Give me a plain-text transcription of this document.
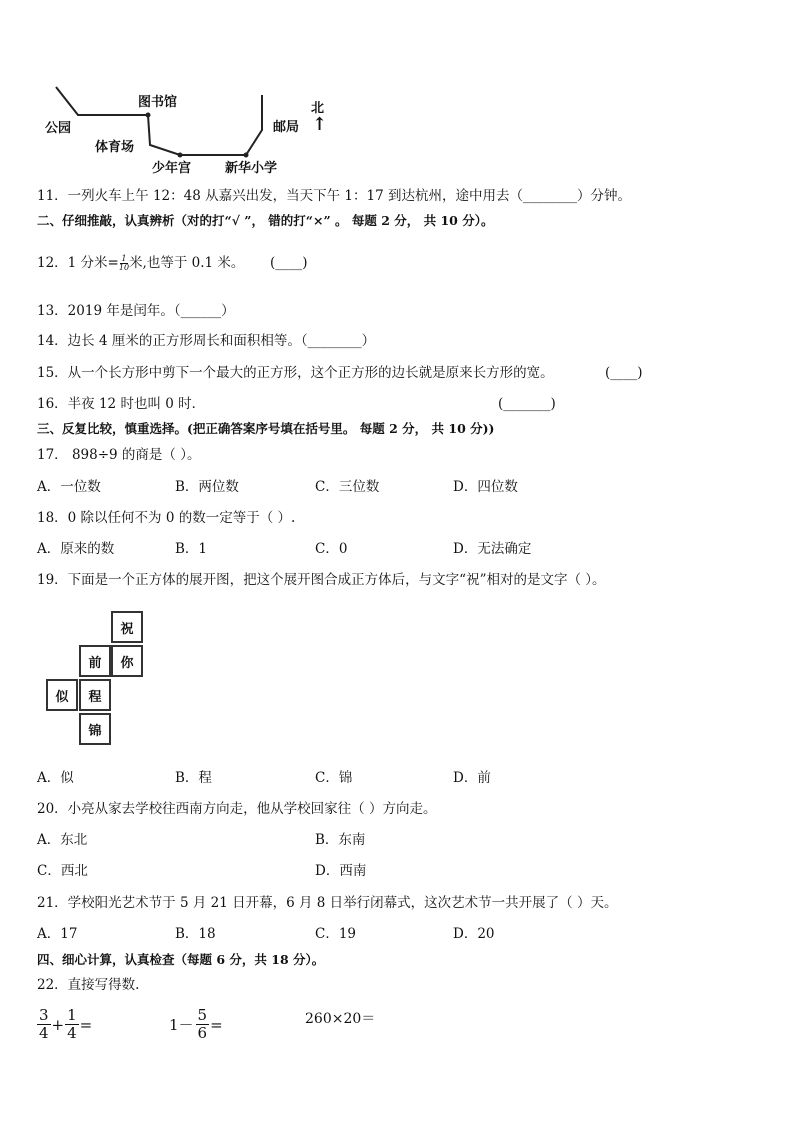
公园
图书馆
体育场
少年宫	新华小学
邮局
北
↑
11．一列火车上午 12：48 从嘉兴出发，当天下午 1：17 到达杭州，途中用去（________）分钟。
二、仔细推敲，认真辨析（对的打“√ ”， 错的打“×” 。 每题 2 分， 共 10 分）。
12．1 分米= $\frac{1}{10}$ 米,也等于 0.1 米。 (____)
13．2019 年是闰年。（______）
14．边长 4 厘米的正方形周长和面积相等。（________）
15．从一个长方形中剪下一个最大的正方形，这个正方形的边长就是原来长方形的宽。	(____)
16．半夜 12 时也叫 0 时．	(_______)
三、反复比较，慎重选择。(把正确答案序号填在括号里。 每题 2 分， 共 10 分))
17． 898÷9 的商是（ ）。
A．一位数	B．两位数	C．三位数	D．四位数
18．0 除以任何不为 0 的数一定等于（ ）.
A．原来的数	B．1	C．0	D．无法确定
19．下面是一个正方体的展开图，把这个展开图合成正方体后，与文字“祝”相对的是文字（ ）。
祝
前	你
似	程
锦
A．似	B．程	C．锦	D．前
20．小亮从家去学校往西南方向走，他从学校回家往（ ）方向走。
A．东北	B．东南
C．西北	D．西南
21．学校阳光艺术节于 5 月 21 日开幕，6 月 8 日举行闭幕式，这次艺术节一共开展了（ ）天。
A．17	B．18	C．19	D．20
四、细心计算，认真检查（每题 6 分，共 18 分）。
22．直接写得数.
$\frac{3}{4} + \frac{1}{4}$ =	$1- \frac{5}{6}$ =	260×20＝
